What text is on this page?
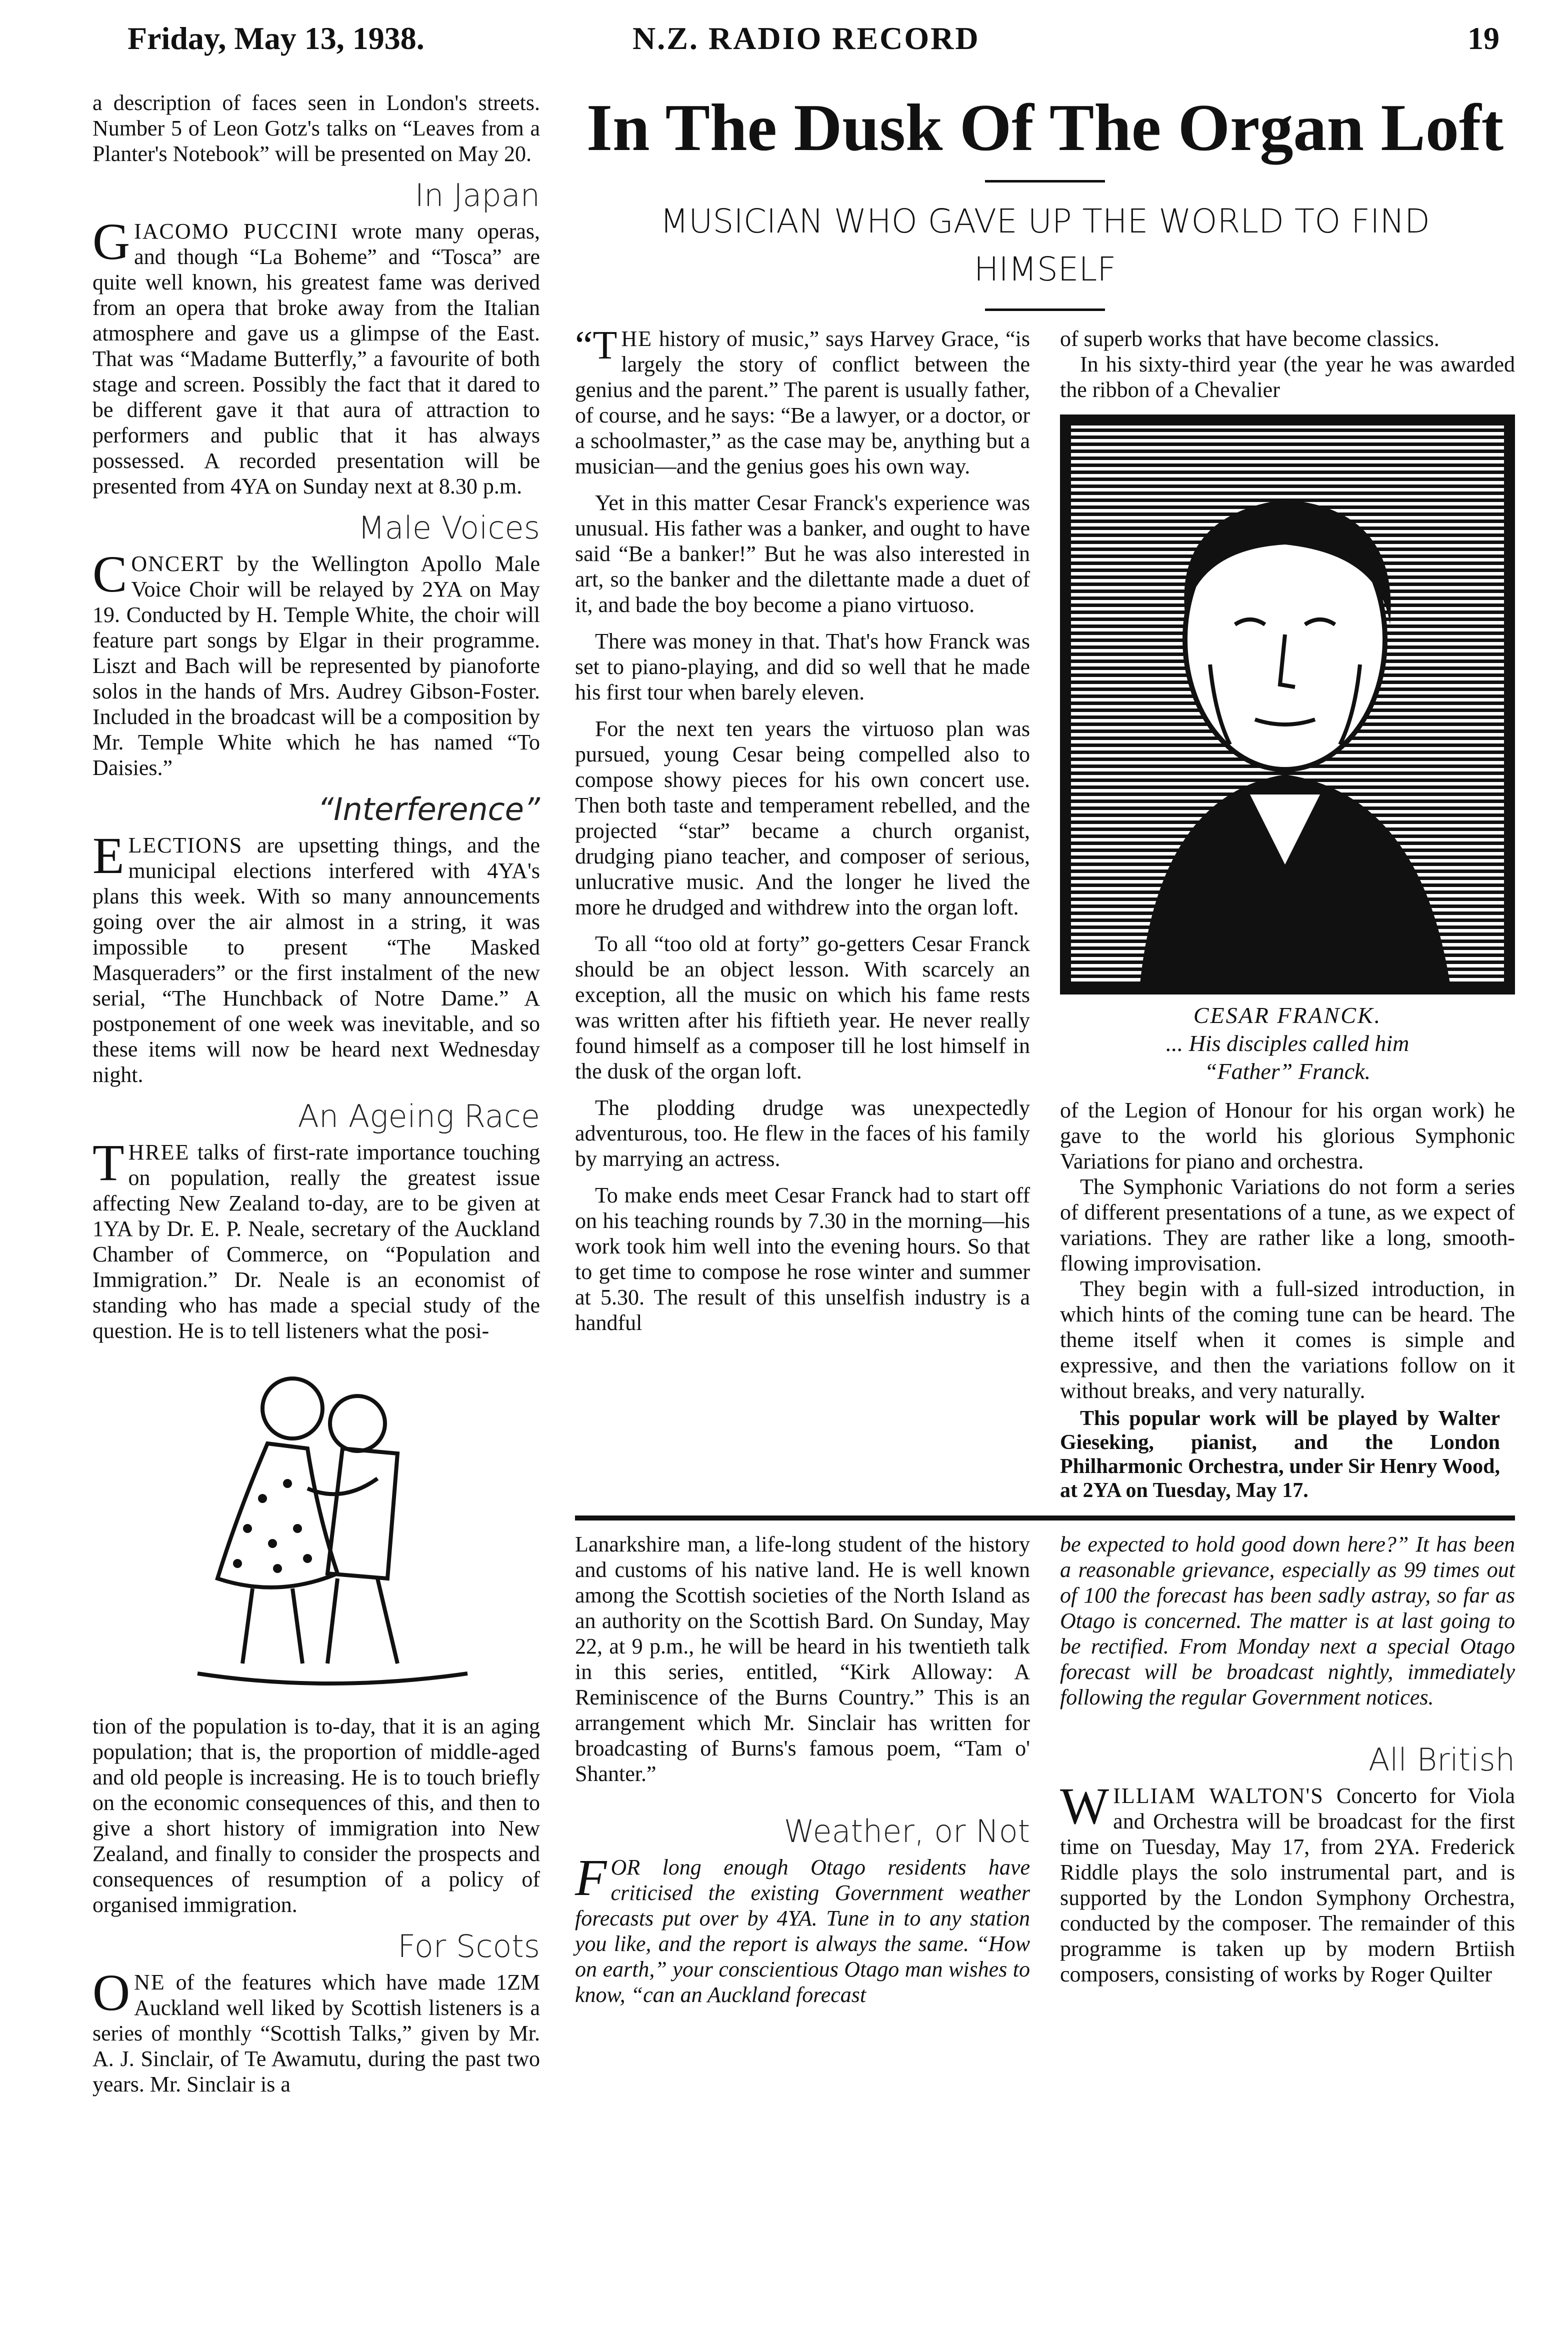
Friday, May 13, 1938.	N.Z. RADIO RECORD	19

a description of faces seen in London's streets. Number 5 of Leon Gotz's talks on “Leaves from a Planter's Notebook” will be presented on May 20.

In Japan

GIACOMO PUCCINI wrote many operas, and though “La Boheme” and “Tosca” are quite well known, his greatest fame was derived from an opera that broke away from the Italian atmosphere and gave us a glimpse of the East. That was “Madame Butterfly,” a favourite of both stage and screen. Possibly the fact that it dared to be different gave it that aura of attraction to performers and public that it has always possessed. A recorded presentation will be presented from 4YA on Sunday next at 8.30 p.m.

Male Voices

CONCERT by the Wellington Apollo Male Voice Choir will be relayed by 2YA on May 19. Conducted by H. Temple White, the choir will feature part songs by Elgar in their programme. Liszt and Bach will be represented by pianoforte solos in the hands of Mrs. Audrey Gibson-Foster. Included in the broadcast will be a composition by Mr. Temple White which he has named “To Daisies.”

“Interference”

ELECTIONS are upsetting things, and the municipal elections interfered with 4YA's plans this week. With so many announcements going over the air almost in a string, it was impossible to present “The Masked Masqueraders” or the first instalment of the new serial, “The Hunchback of Notre Dame.” A postponement of one week was inevitable, and so these items will now be heard next Wednesday night.

An Ageing Race

THREE talks of first-rate importance touching on population, really the greatest issue affecting New Zealand to-day, are to be given at 1YA by Dr. E. P. Neale, secretary of the Auckland Chamber of Commerce, on “Population and Immigration.” Dr. Neale is an economist of standing who has made a special study of the question. He is to tell listeners what the posi-

tion of the population is to-day, that it is an aging population; that is, the proportion of middle-aged and old people is increasing. He is to touch briefly on the economic consequences of this, and then to give a short history of immigration into New Zealand, and finally to consider the prospects and consequences of resumption of a policy of organised immigration.

For Scots

ONE of the features which have made 1ZM Auckland well liked by Scottish listeners is a series of monthly “Scottish Talks,” given by Mr. A. J. Sinclair, of Te Awamutu, during the past two years. Mr. Sinclair is a

In The Dusk Of The Organ Loft
MUSICIAN WHO GAVE UP THE WORLD TO FIND HIMSELF

“THE history of music,” says Harvey Grace, “is largely the story of conflict between the genius and the parent.” The parent is usually father, of course, and he says: “Be a lawyer, or a doctor, or a schoolmaster,” as the case may be, anything but a musician—and the genius goes his own way.

Yet in this matter Cesar Franck's experience was unusual. His father was a banker, and ought to have said “Be a banker!” But he was also interested in art, so the banker and the dilettante made a duet of it, and bade the boy become a piano virtuoso.

There was money in that. That's how Franck was set to piano-playing, and did so well that he made his first tour when barely eleven.

For the next ten years the virtuoso plan was pursued, young Cesar being compelled also to compose showy pieces for his own concert use. Then both taste and temperament rebelled, and the projected “star” became a church organist, drudging piano teacher, and composer of serious, unlucrative music. And the longer he lived the more he drudged and withdrew into the organ loft.

To all “too old at forty” go-getters Cesar Franck should be an object lesson. With scarcely an exception, all the music on which his fame rests was written after his fiftieth year. He never really found himself as a composer till he lost himself in the dusk of the organ loft.

The plodding drudge was unexpectedly adventurous, too. He flew in the faces of his family by marrying an actress.

To make ends meet Cesar Franck had to start off on his teaching rounds by 7.30 in the morning—his work took him well into the evening hours. So that to get time to compose he rose winter and summer at 5.30. The result of this unselfish industry is a handful

of superb works that have become classics.

In his sixty-third year (the year he was awarded the ribbon of a Chevalier

CESAR FRANCK.
... His disciples called him “Father” Franck.

of the Legion of Honour for his organ work) he gave to the world his glorious Symphonic Variations for piano and orchestra.

The Symphonic Variations do not form a series of different presentations of a tune, as we expect of variations. They are rather like a long, smooth-flowing improvisation.

They begin with a full-sized introduction, in which hints of the coming tune can be heard. The theme itself when it comes is simple and expressive, and then the variations follow on it without breaks, and very naturally.

This popular work will be played by Walter Gieseking, pianist, and the London Philharmonic Orchestra, under Sir Henry Wood, at 2YA on Tuesday, May 17.

Lanarkshire man, a life-long student of the history and customs of his native land. He is well known among the Scottish societies of the North Island as an authority on the Scottish Bard. On Sunday, May 22, at 9 p.m., he will be heard in his twentieth talk in this series, entitled, “Kirk Alloway: A Reminiscence of the Burns Country.” This is an arrangement which Mr. Sinclair has written for broadcasting of Burns's famous poem, “Tam o' Shanter.”

Weather, or Not

FOR long enough Otago residents have criticised the existing Government weather forecasts put over by 4YA. Tune in to any station you like, and the report is always the same. “How on earth,” your conscientious Otago man wishes to know, “can an Auckland forecast

be expected to hold good down here?” It has been a reasonable grievance, especially as 99 times out of 100 the forecast has been sadly astray, so far as Otago is concerned. The matter is at last going to be rectified. From Monday next a special Otago forecast will be broadcast nightly, immediately following the regular Government notices.

All British

WILLIAM WALTON'S Concerto for Viola and Orchestra will be broadcast for the first time on Tuesday, May 17, from 2YA. Frederick Riddle plays the solo instrumental part, and is supported by the London Symphony Orchestra, conducted by the composer. The remainder of this programme is taken up by modern Brtiish composers, consisting of works by Roger Quilter
